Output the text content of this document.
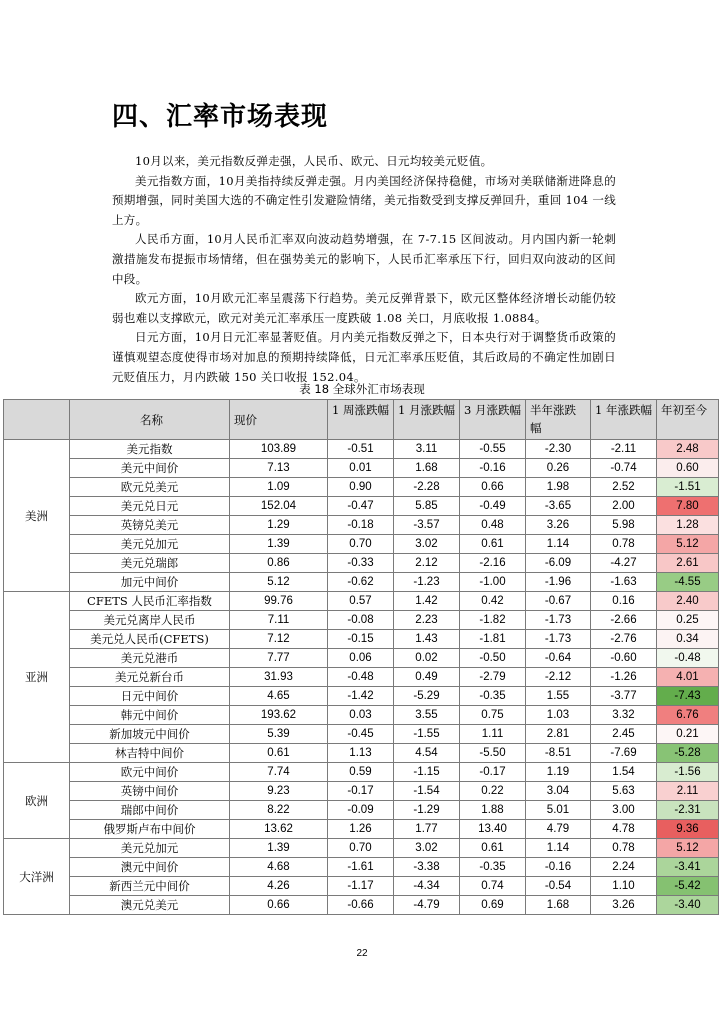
四、汇率市场表现

10月以来，美元指数反弹走强，人民币、欧元、日元均较美元贬值。

美元指数方面，10月美指持续反弹走强。月内美国经济保持稳健，市场对美联储渐进降息的预期增强，同时美国大选的不确定性引发避险情绪，美元指数受到支撑反弹回升，重回 104 一线上方。

人民币方面，10月人民币汇率双向波动趋势增强，在 7-7.15 区间波动。月内国内新一轮刺激措施发布提振市场情绪，但在强势美元的影响下，人民币汇率承压下行，回归双向波动的区间中段。

欧元方面，10月欧元汇率呈震荡下行趋势。美元反弹背景下，欧元区整体经济增长动能仍较弱也难以支撑欧元，欧元对美元汇率承压一度跌破 1.08 关口，月底收报 1.0884。

日元方面，10月日元汇率显著贬值。月内美元指数反弹之下，日本央行对于调整货币政策的谨慎观望态度使得市场对加息的预期持续降低，日元汇率承压贬值，其后政局的不确定性加剧日元贬值压力，月内跌破 150 关口收报 152.04。

表 18 全球外汇市场表现
	名称	现价	1 周涨跌幅	1 月涨跌幅	3 月涨跌幅	半年涨跌幅	1 年涨跌幅	年初至今
美洲	美元指数	103.89	-0.51	3.11	-0.55	-2.30	-2.11	2.48
	美元中间价	7.13	0.01	1.68	-0.16	0.26	-0.74	0.60
	欧元兑美元	1.09	0.90	-2.28	0.66	1.98	2.52	-1.51
	美元兑日元	152.04	-0.47	5.85	-0.49	-3.65	2.00	7.80
	英镑兑美元	1.29	-0.18	-3.57	0.48	3.26	5.98	1.28
	美元兑加元	1.39	0.70	3.02	0.61	1.14	0.78	5.12
	美元兑瑞郎	0.86	-0.33	2.12	-2.16	-6.09	-4.27	2.61
	加元中间价	5.12	-0.62	-1.23	-1.00	-1.96	-1.63	-4.55
亚洲	CFETS 人民币汇率指数	99.76	0.57	1.42	0.42	-0.67	0.16	2.40
	美元兑离岸人民币	7.11	-0.08	2.23	-1.82	-1.73	-2.66	0.25
	美元兑人民币(CFETS)	7.12	-0.15	1.43	-1.81	-1.73	-2.76	0.34
	美元兑港币	7.77	0.06	0.02	-0.50	-0.64	-0.60	-0.48
	美元兑新台币	31.93	-0.48	0.49	-2.79	-2.12	-1.26	4.01
	日元中间价	4.65	-1.42	-5.29	-0.35	1.55	-3.77	-7.43
	韩元中间价	193.62	0.03	3.55	0.75	1.03	3.32	6.76
	新加坡元中间价	5.39	-0.45	-1.55	1.11	2.81	2.45	0.21
	林吉特中间价	0.61	1.13	4.54	-5.50	-8.51	-7.69	-5.28
欧洲	欧元中间价	7.74	0.59	-1.15	-0.17	1.19	1.54	-1.56
	英镑中间价	9.23	-0.17	-1.54	0.22	3.04	5.63	2.11
	瑞郎中间价	8.22	-0.09	-1.29	1.88	5.01	3.00	-2.31
	俄罗斯卢布中间价	13.62	1.26	1.77	13.40	4.79	4.78	9.36
大洋洲	美元兑加元	1.39	0.70	3.02	0.61	1.14	0.78	5.12
	澳元中间价	4.68	-1.61	-3.38	-0.35	-0.16	2.24	-3.41
	新西兰元中间价	4.26	-1.17	-4.34	0.74	-0.54	1.10	-5.42
	澳元兑美元	0.66	-0.66	-4.79	0.69	1.68	3.26	-3.40
22
